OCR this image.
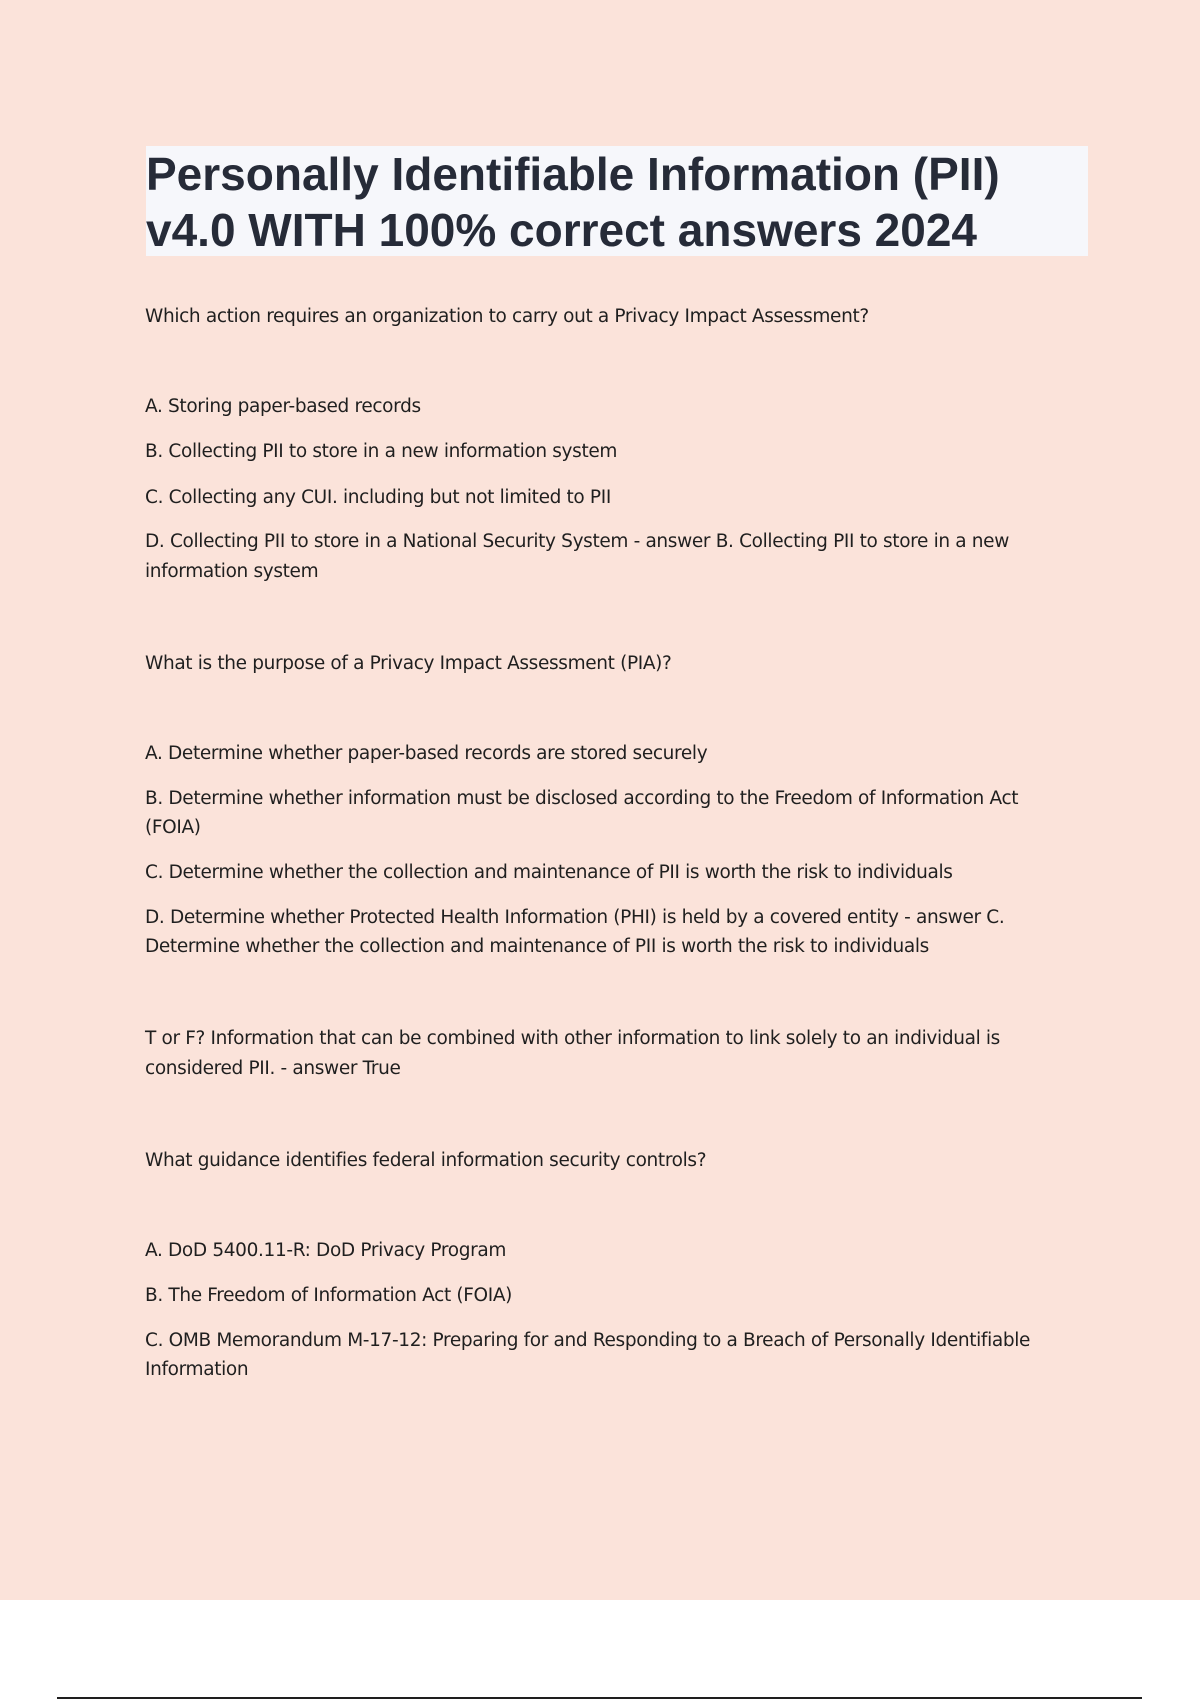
Personally Identifiable Information (PII)
v4.0 WITH 100% correct answers 2024

Which action requires an organization to carry out a Privacy Impact Assessment?

A. Storing paper-based records

B. Collecting PII to store in a new information system

C. Collecting any CUI. including but not limited to PII

D. Collecting PII to store in a National Security System - answer B. Collecting PII to store in a new

information system

What is the purpose of a Privacy Impact Assessment (PIA)?

A. Determine whether paper-based records are stored securely

B. Determine whether information must be disclosed according to the Freedom of Information Act

(FOIA)

C. Determine whether the collection and maintenance of PII is worth the risk to individuals

D. Determine whether Protected Health Information (PHI) is held by a covered entity - answer C.

Determine whether the collection and maintenance of PII is worth the risk to individuals

T or F? Information that can be combined with other information to link solely to an individual is

considered PII. - answer True

What guidance identifies federal information security controls?

A. DoD 5400.11-R: DoD Privacy Program

B. The Freedom of Information Act (FOIA)

C. OMB Memorandum M-17-12: Preparing for and Responding to a Breach of Personally Identifiable

Information
